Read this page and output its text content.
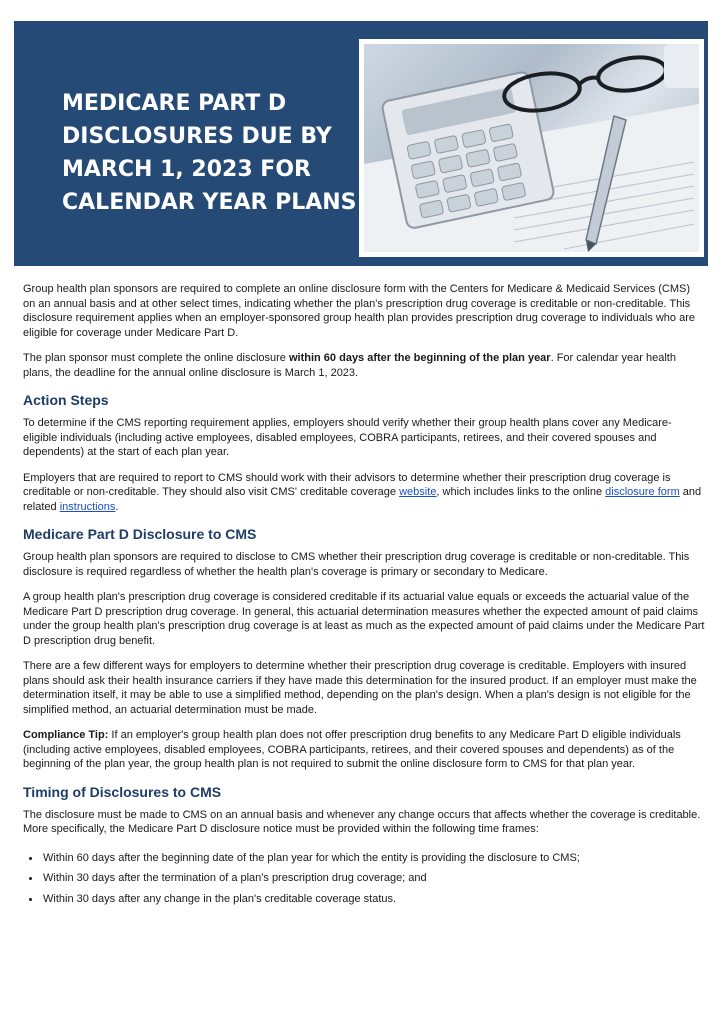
MEDICARE PART D
DISCLOSURES DUE BY
MARCH 1, 2023 FOR
CALENDAR YEAR PLANS

Group health plan sponsors are required to complete an online disclosure form with the Centers for Medicare & Medicaid Services (CMS) on an annual basis and at other select times, indicating whether the plan's prescription drug coverage is creditable or non-creditable. This disclosure requirement applies when an employer-sponsored group health plan provides prescription drug coverage to individuals who are eligible for coverage under Medicare Part D.

The plan sponsor must complete the online disclosure within 60 days after the beginning of the plan year. For calendar year health plans, the deadline for the annual online disclosure is March 1, 2023.

Action Steps

To determine if the CMS reporting requirement applies, employers should verify whether their group health plans cover any Medicare-eligible individuals (including active employees, disabled employees, COBRA participants, retirees, and their covered spouses and dependents) at the start of each plan year.

Employers that are required to report to CMS should work with their advisors to determine whether their prescription drug coverage is creditable or non-creditable. They should also visit CMS' creditable coverage website, which includes links to the online disclosure form and related instructions.

Medicare Part D Disclosure to CMS

Group health plan sponsors are required to disclose to CMS whether their prescription drug coverage is creditable or non-creditable. This disclosure is required regardless of whether the health plan's coverage is primary or secondary to Medicare.

A group health plan's prescription drug coverage is considered creditable if its actuarial value equals or exceeds the actuarial value of the Medicare Part D prescription drug coverage. In general, this actuarial determination measures whether the expected amount of paid claims under the group health plan's prescription drug coverage is at least as much as the expected amount of paid claims under the Medicare Part D prescription drug benefit.

There are a few different ways for employers to determine whether their prescription drug coverage is creditable. Employers with insured plans should ask their health insurance carriers if they have made this determination for the insured product. If an employer must make the determination itself, it may be able to use a simplified method, depending on the plan's design. When a plan's design is not eligible for the simplified method, an actuarial determination must be made.

Compliance Tip: If an employer's group health plan does not offer prescription drug benefits to any Medicare Part D eligible individuals (including active employees, disabled employees, COBRA participants, retirees, and their covered spouses and dependents) as of the beginning of the plan year, the group health plan is not required to submit the online disclosure form to CMS for that plan year.

Timing of Disclosures to CMS

The disclosure must be made to CMS on an annual basis and whenever any change occurs that affects whether the coverage is creditable. More specifically, the Medicare Part D disclosure notice must be provided within the following time frames:

• Within 60 days after the beginning date of the plan year for which the entity is providing the disclosure to CMS;
• Within 30 days after the termination of a plan's prescription drug coverage; and
• Within 30 days after any change in the plan's creditable coverage status.
